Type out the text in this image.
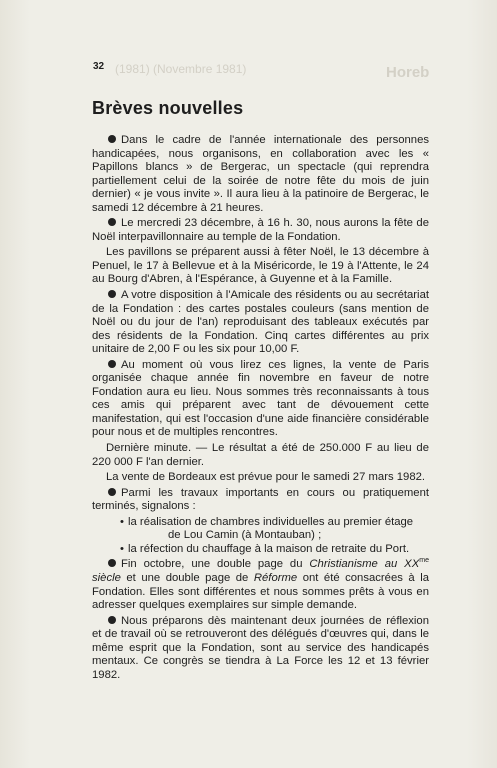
(1981) (Novembre 1981)	Horeb
32
Brèves nouvelles

Dans le cadre de l'année internationale des personnes handicapées, nous organisons, en collaboration avec les « Papillons blancs » de Bergerac, un spectacle (qui reprendra partiellement celui de la soirée de notre fête du mois de juin dernier) « je vous invite ». Il aura lieu à la patinoire de Bergerac, le samedi 12 décembre à 21 heures.

Le mercredi 23 décembre, à 16 h. 30, nous aurons la fête de Noël interpavillonnaire au temple de la Fondation.

Les pavillons se préparent aussi à fêter Noël, le 13 décembre à Penuel, le 17 à Bellevue et à la Miséricorde, le 19 à l'Attente, le 24 au Bourg d'Abren, à l'Espérance, à Guyenne et à la Famille.

A votre disposition à l'Amicale des résidents ou au secrétariat de la Fondation : des cartes postales couleurs (sans mention de Noël ou du jour de l'an) reproduisant des tableaux exécutés par des résidents de la Fondation. Cinq cartes différentes au prix unitaire de 2,00 F ou les six pour 10,00 F.

Au moment où vous lirez ces lignes, la vente de Paris organisée chaque année fin novembre en faveur de notre Fondation aura eu lieu. Nous sommes très reconnaissants à tous ces amis qui préparent avec tant de dévouement cette manifestation, qui est l'occasion d'une aide financière considérable pour nous et de multiples rencontres.

Dernière minute. — Le résultat a été de 250.000 F au lieu de 220 000 F l'an dernier.

La vente de Bordeaux est prévue pour le samedi 27 mars 1982.

Parmi les travaux importants en cours ou pratiquement terminés, signalons :

• la réalisation de chambres individuelles au premier étage
de Lou Camin (à Montauban) ;
• la réfection du chauffage à la maison de retraite du Port.

Fin octobre, une double page du Christianisme au $XX^{me}$ siècle et une double page de Réforme ont été consacrées à la Fondation. Elles sont différentes et nous sommes prêts à vous en adresser quelques exemplaires sur simple demande.

Nous préparons dès maintenant deux journées de réflexion et de travail où se retrouveront des délégués d'œuvres qui, dans le même esprit que la Fondation, sont au service des handicapés mentaux. Ce congrès se tiendra à La Force les 12 et 13 février 1982.
